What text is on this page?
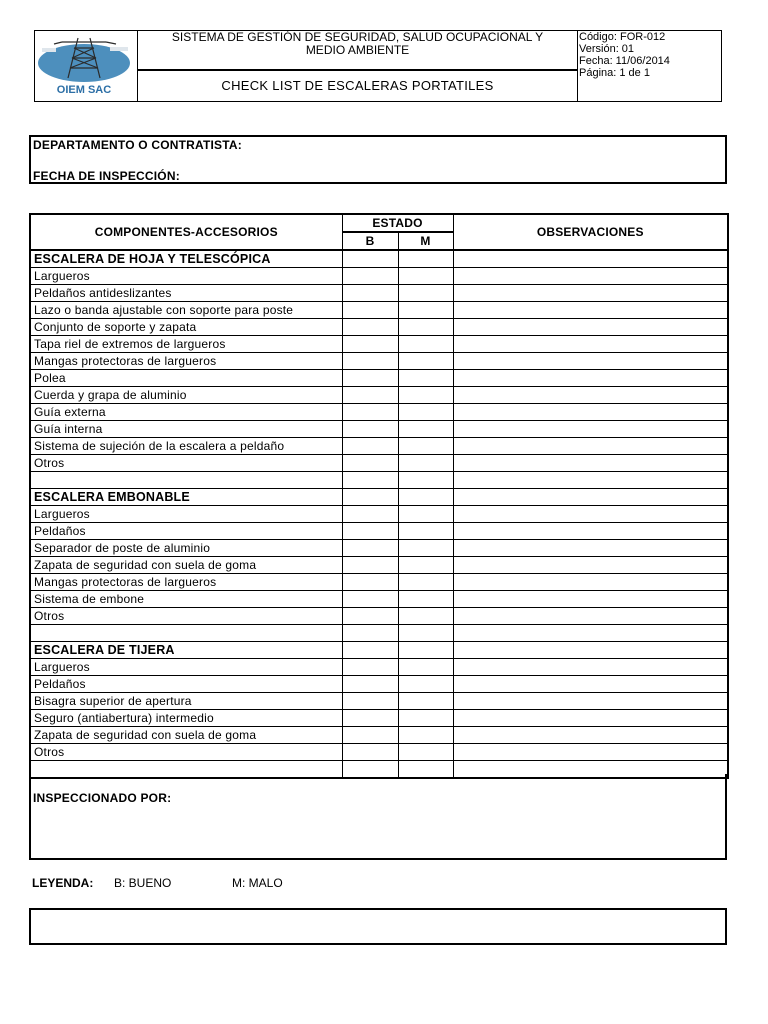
OIEM SAC
SISTEMA DE GESTIÓN DE SEGURIDAD, SALUD OCUPACIONAL Y
MEDIO AMBIENTE
CHECK LIST DE ESCALERAS PORTATILES
Código: FOR-012
Versión: 01
Fecha: 11/06/2014
Página: 1 de 1
DEPARTAMENTO O CONTRATISTA:
FECHA DE INSPECCIÓN:
COMPONENTES-ACCESORIOS	ESTADO		OBSERVACIONES
	B	M	
ESCALERA DE HOJA Y TELESCÓPICA			
Largueros			
Peldaños antideslizantes			
Lazo o banda ajustable con soporte para poste			
Conjunto de soporte y zapata			
Tapa riel de extremos de largueros			
Mangas protectoras de largueros			
Polea			
Cuerda y grapa de aluminio			
Guía externa			
Guía interna			
Sistema de sujeción de la escalera a peldaño			
Otros			

ESCALERA EMBONABLE			
Largueros			
Peldaños			
Separador de poste de aluminio			
Zapata de seguridad con suela de goma			
Mangas protectoras de largueros			
Sistema de embone			
Otros			

ESCALERA DE TIJERA			
Largueros			
Peldaños			
Bisagra superior de apertura			
Seguro (antiabertura) intermedio			
Zapata de seguridad con suela de goma			
Otros			

INSPECCIONADO POR:
LEYENDA: B: BUENO	M: MALO
